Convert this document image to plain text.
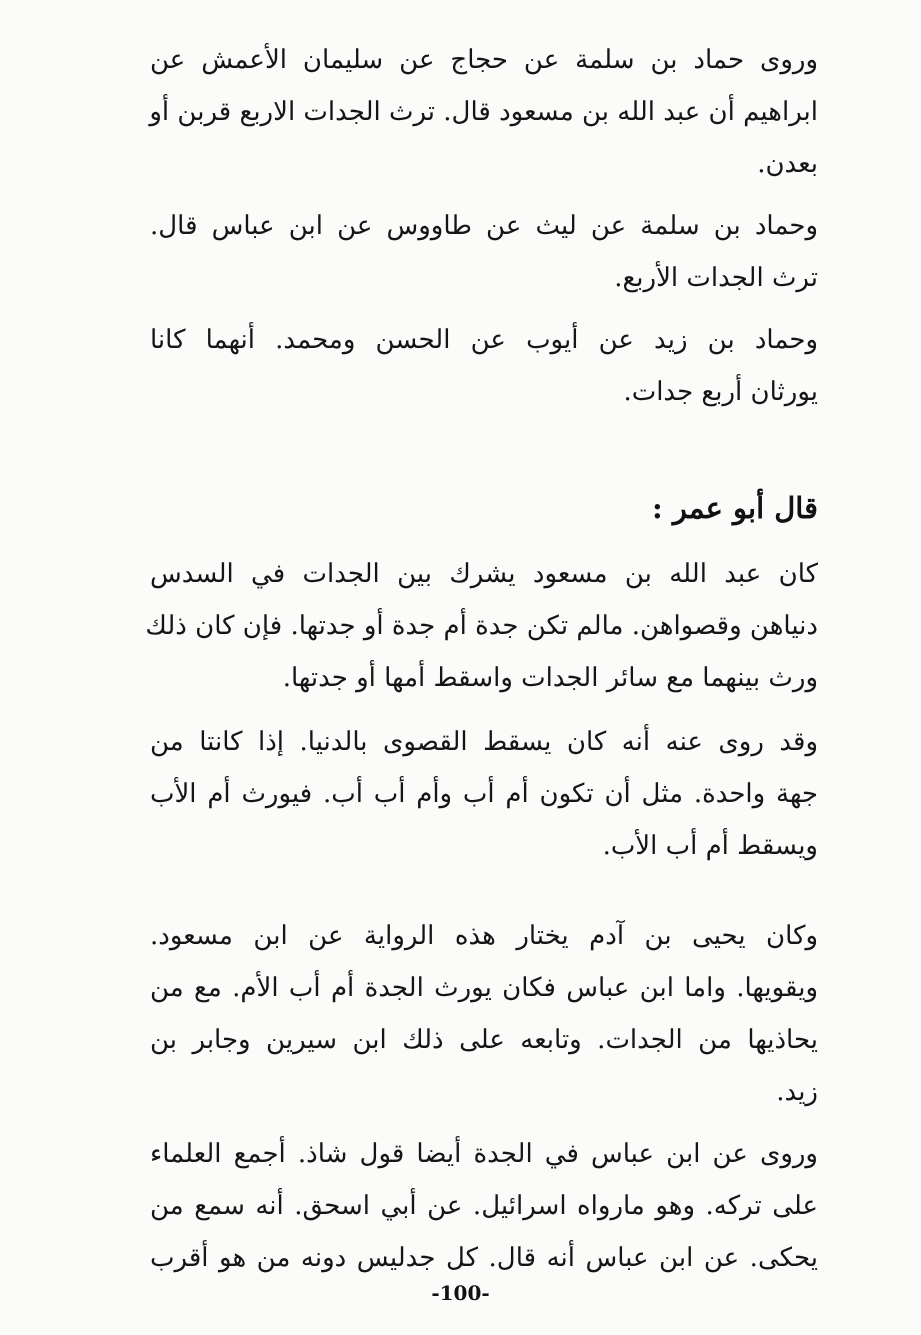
وروى حماد بن سلمة عن حجاج عن سليمان الأعمش عن
ابراهيم أن عبد الله بن مسعود قال. ترث الجدات الاربع قربن أو
بعدن.
وحماد بن سلمة عن ليث عن طاووس عن ابن عباس قال.
ترث الجدات الأربع.
وحماد بن زيد عن أيوب عن الحسن ومحمد. أنهما كانا
يورثان أربع جدات.
قال أبو عمر :
كان عبد الله بن مسعود يشرك بين الجدات في السدس
دنياهن وقصواهن. مالم تكن جدة أم جدة أو جدتها. فإن كان ذلك
ورث بينهما مع سائر الجدات واسقط أمها أو جدتها.
وقد روى عنه أنه كان يسقط القصوى بالدنيا. إذا كانتا من
جهة واحدة. مثل أن تكون أم أب وأم أب أب. فيورث أم الأب
ويسقط أم أب الأب.
وكان يحيى بن آدم يختار هذه الرواية عن ابن مسعود.
ويقويها. واما ابن عباس فكان يورث الجدة أم أب الأم. مع من
يحاذيها من الجدات. وتابعه على ذلك ابن سيرين وجابر بن
زيد.
وروى عن ابن عباس في الجدة أيضا قول شاذ. أجمع العلماء
على تركه. وهو مارواه اسرائيل. عن أبي اسحق. أنه سمع من
يحكى. عن ابن عباس أنه قال. كل جدليس دونه من هو أقرب
-100-
